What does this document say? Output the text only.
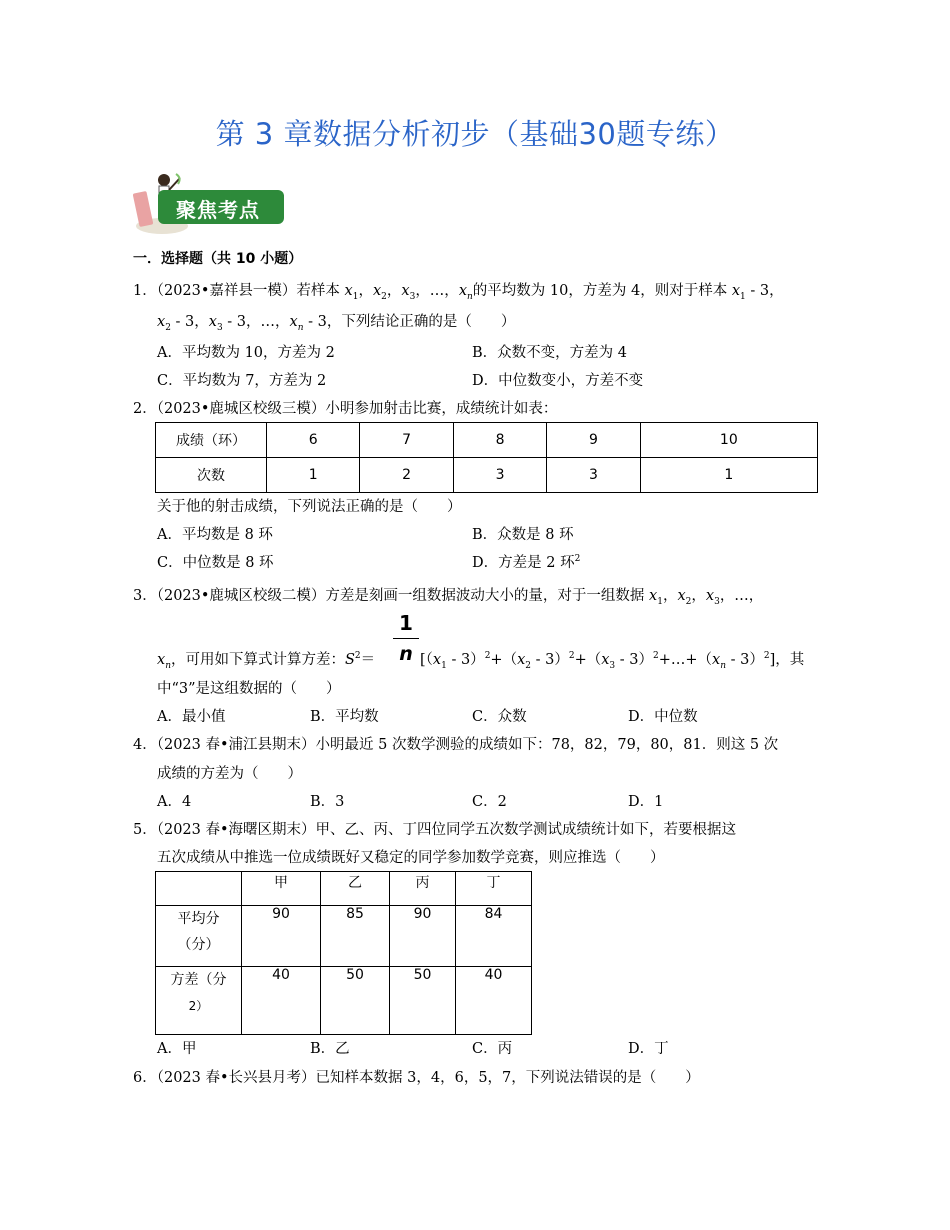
第 3 章数据分析初步（基础30题专练）
聚焦考点
一．选择题（共 10 小题）
1．（2023•嘉祥县一模）若样本 $x_1$，$x_2$，$x_3$，…，$x_n$的平均数为 10，方差为 4，则对于样本 $x_1 - 3$，
$x_2 - 3$，$x_3 - 3$，…，$x_n - 3$，下列结论正确的是（　　）
A．平均数为 10，方差为 2	B．众数不变，方差为 4
C．平均数为 7，方差为 2	D．中位数变小，方差不变
2．（2023•鹿城区校级三模）小明参加射击比赛，成绩统计如表：
成绩（环）	6	7	8	9	10
次数	1	2	3	3	1
关于他的射击成绩，下列说法正确的是（　　）
A．平均数是 8 环	B．众数是 8 环
C．中位数是 8 环	D．方差是 2 环$^2$
3．（2023•鹿城区校级二模）方差是刻画一组数据波动大小的量，对于一组数据 $x_1$，$x_2$，$x_3$，…，
1
n
$x_n$，可用如下算式计算方差：$S^2=$	[$(x_1 - 3)^2+(x_2 - 3)^2+(x_3$ - $3)^2+\dots+(x_n - 3)^2$]，其
中“3”是这组数据的（　　）
A．最小值	B．平均数	C．众数	D．中位数
4．（2023 春•浦江县期末）小明最近 5 次数学测验的成绩如下：78，82，79，80，81．则这 5 次
成绩的方差为（　　）
A．4	B．3	C．2	D．1
5．（2023 春•海曙区期末）甲、乙、丙、丁四位同学五次数学测试成绩统计如下，若要根据这
五次成绩从中推选一位成绩既好又稳定的同学参加数学竞赛，则应推选（　　）
	甲	乙	丙	丁

平均分
（分）	90	85	90	84

方差（分
2）	40	50	50	40
A．甲	B．乙	C．丙	D．丁
6．（2023 春•长兴县月考）已知样本数据 3，4，6，5，7，下列说法错误的是（　　）
